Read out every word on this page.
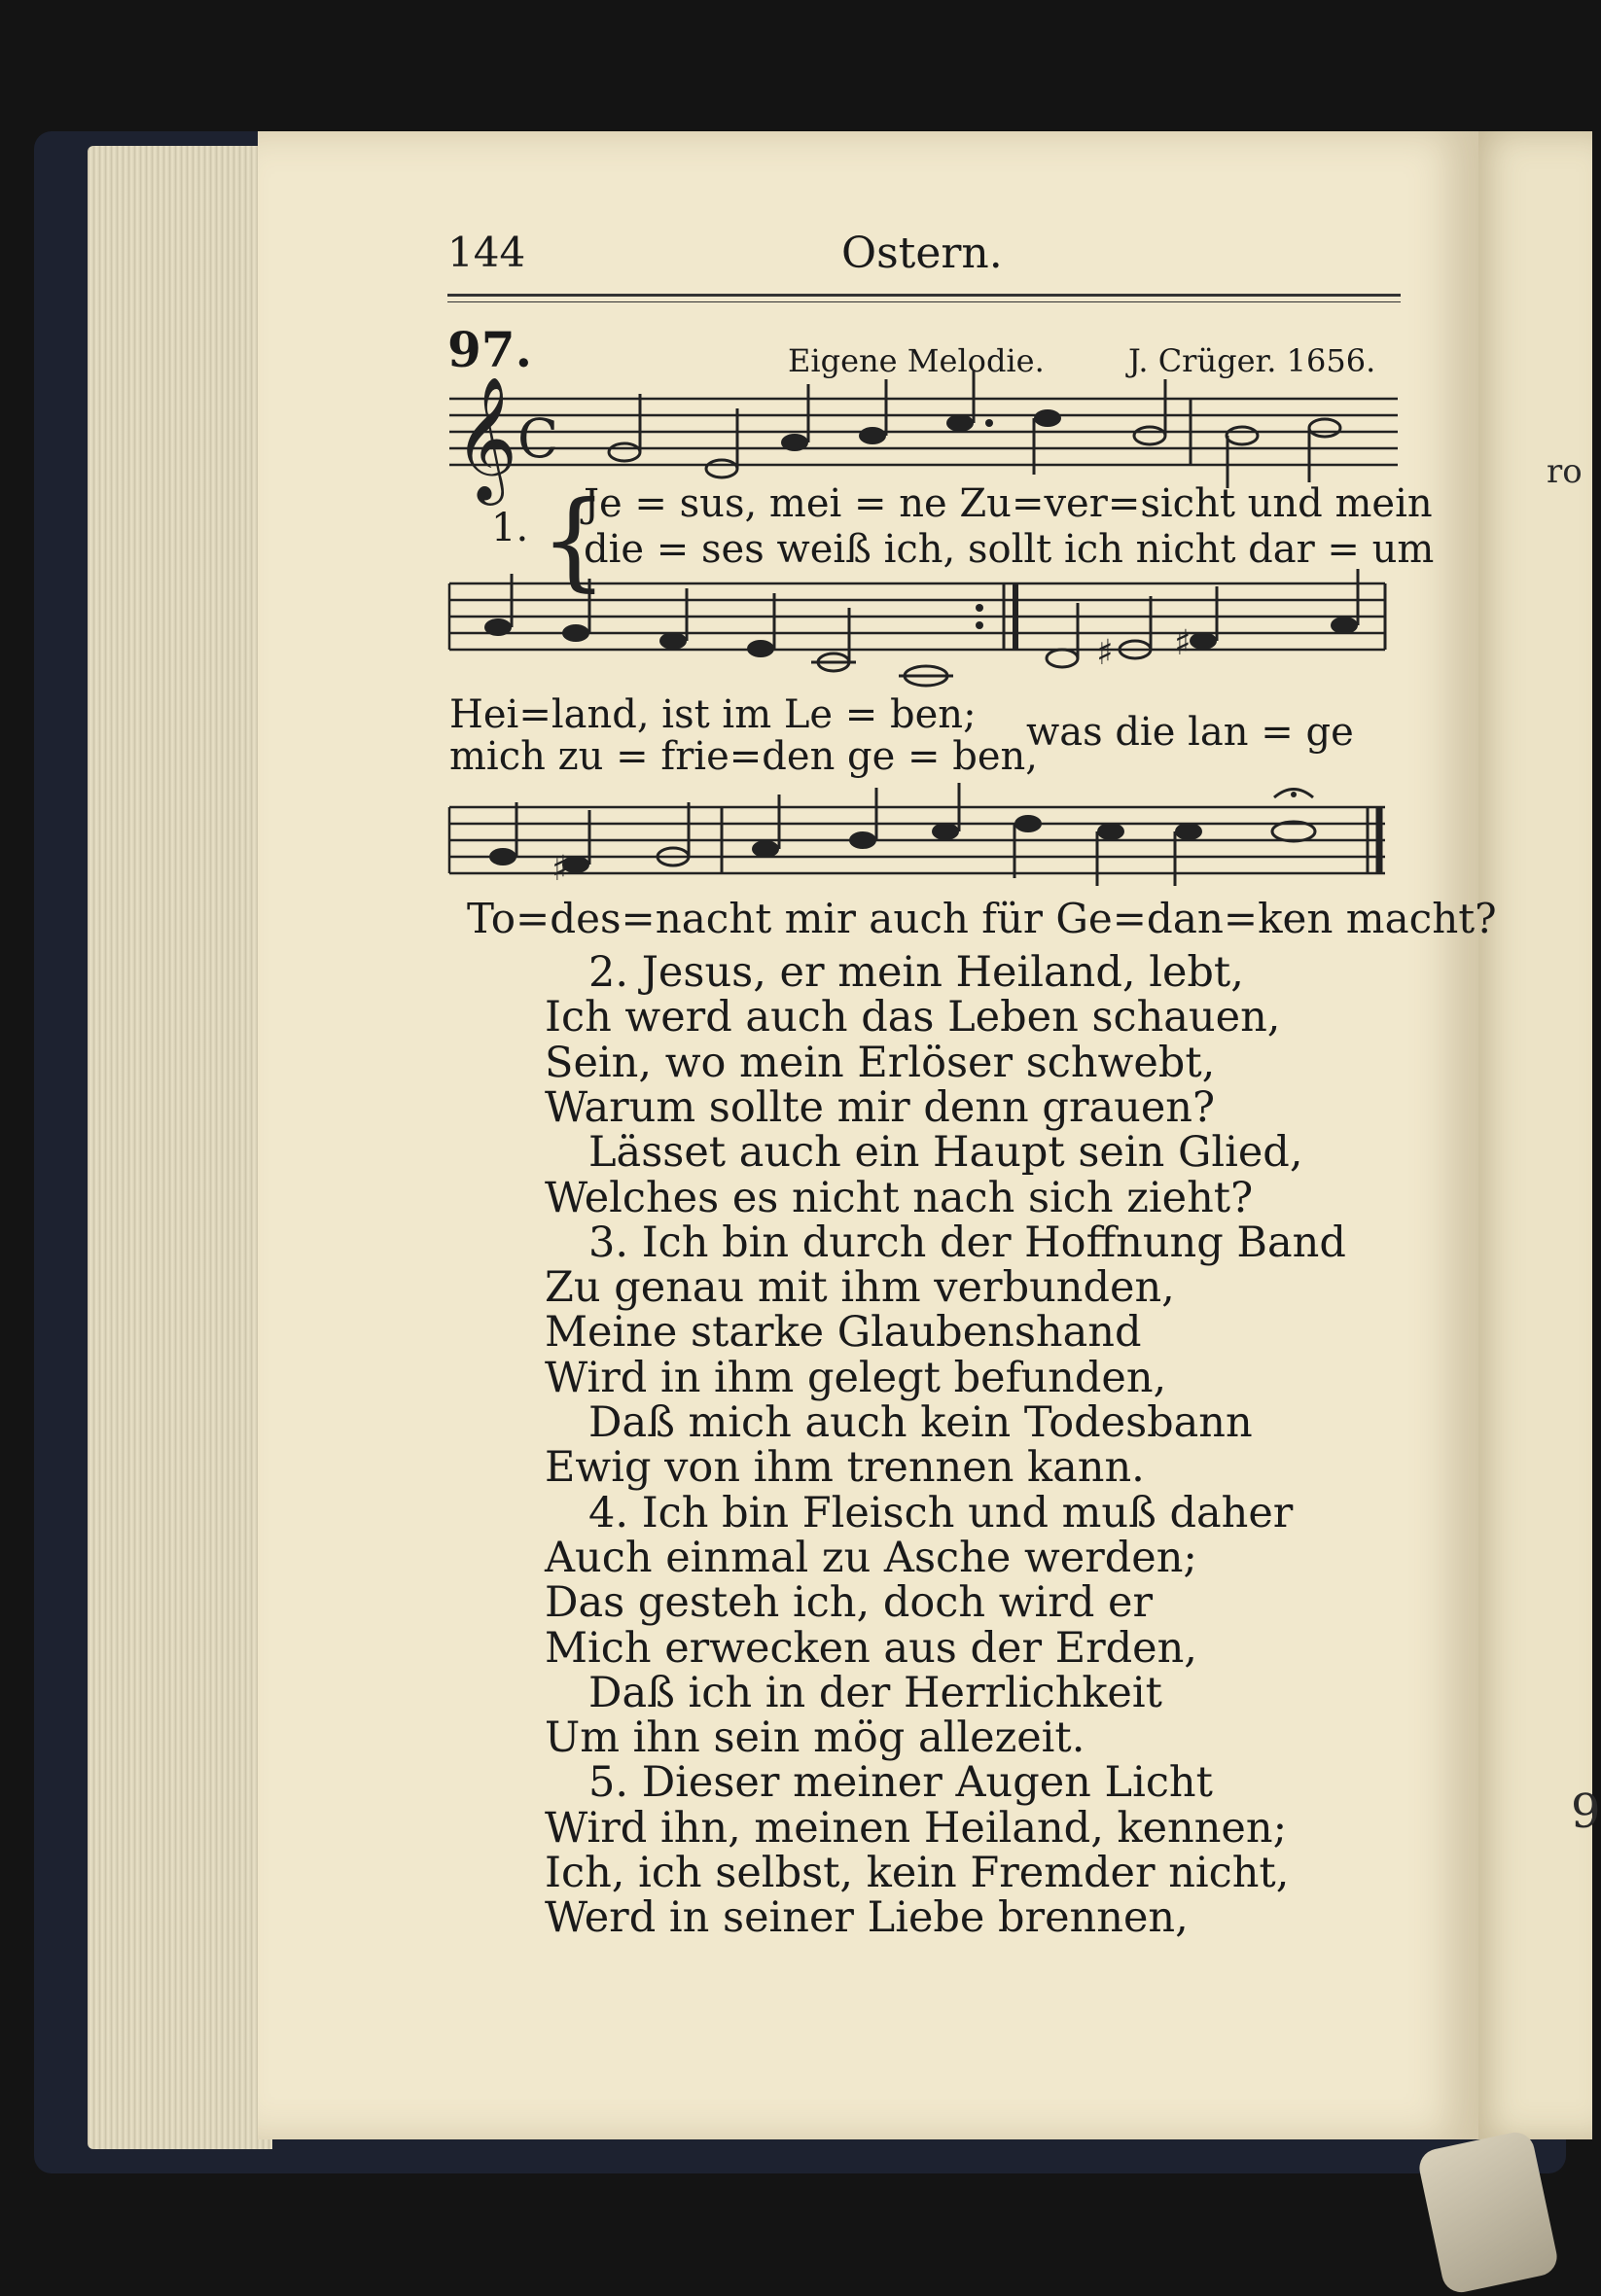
ro
9
144	Ostern.
97.	Eigene Melodie.	J. Crüger. 1656.
𝄞 C
1. {
Je = sus, mei = ne Zu=ver=sicht und mein
die = ses weiß ich, sollt ich nicht dar = um
♯ ♯
Hei=land, ist im Le = ben;
mich zu = frie=den ge = ben,
was die lan = ge
♯
To=des=nacht mir auch für Ge=dan=ken macht?
2. Jesus, er mein Heiland, lebt,
Ich werd auch das Leben schauen,
Sein, wo mein Erlöser schwebt,
Warum sollte mir denn grauen?
Lässet auch ein Haupt sein Glied,
Welches es nicht nach sich zieht?
3. Ich bin durch der Hoffnung Band
Zu genau mit ihm verbunden,
Meine starke Glaubenshand
Wird in ihm gelegt befunden,
Daß mich auch kein Todesbann
Ewig von ihm trennen kann.
4. Ich bin Fleisch und muß daher
Auch einmal zu Asche werden;
Das gesteh ich, doch wird er
Mich erwecken aus der Erden,
Daß ich in der Herrlichkeit
Um ihn sein mög allezeit.
5. Dieser meiner Augen Licht
Wird ihn, meinen Heiland, kennen;
Ich, ich selbst, kein Fremder nicht,
Werd in seiner Liebe brennen,
